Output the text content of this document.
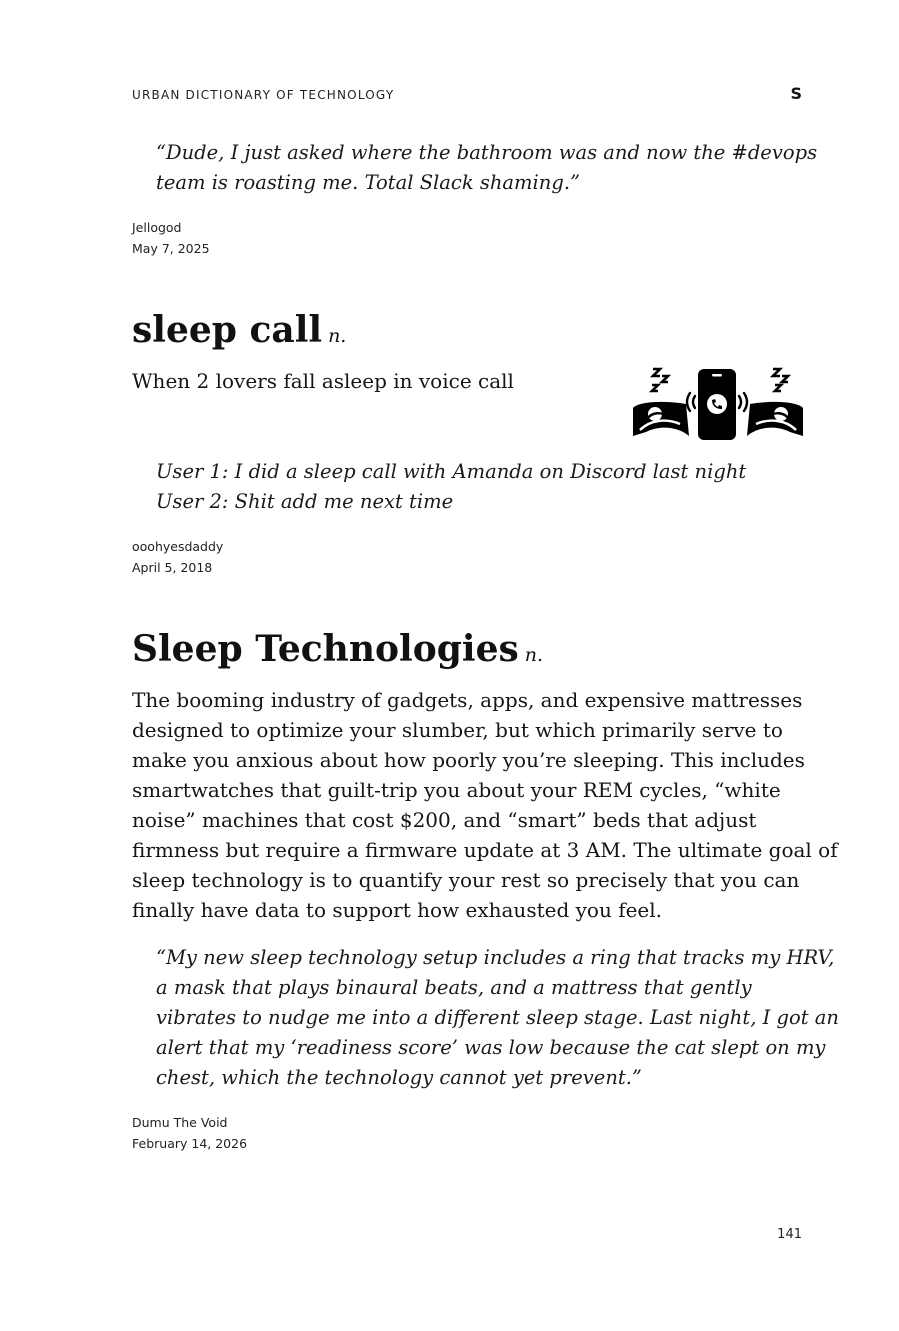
URBAN DICTIONARY OF TECHNOLOGY	S
“Dude, I just asked where the bathroom was and now the #devops
team is roasting me. Total Slack shaming.”
Jellogod
May 7, 2025
sleep call n.

When 2 lovers fall asleep in voice call

User 1: I did a sleep call with Amanda on Discord last night
User 2: Shit add me next time
ooohyesdaddy
April 5, 2018
Sleep Technologies n.

The booming industry of gadgets, apps, and expensive mattresses
designed to optimize your slumber, but which primarily serve to
make you anxious about how poorly you’re sleeping. This includes
smartwatches that guilt-trip you about your REM cycles, “white
noise” machines that cost $200, and “smart” beds that adjust
firmness but require a firmware update at 3 AM. The ultimate goal of
sleep technology is to quantify your rest so precisely that you can
finally have data to support how exhausted you feel.

“My new sleep technology setup includes a ring that tracks my HRV,
a mask that plays binaural beats, and a mattress that gently
vibrates to nudge me into a different sleep stage. Last night, I got an
alert that my ‘readiness score’ was low because the cat slept on my
chest, which the technology cannot yet prevent.”
Dumu The Void
February 14, 2026
141
